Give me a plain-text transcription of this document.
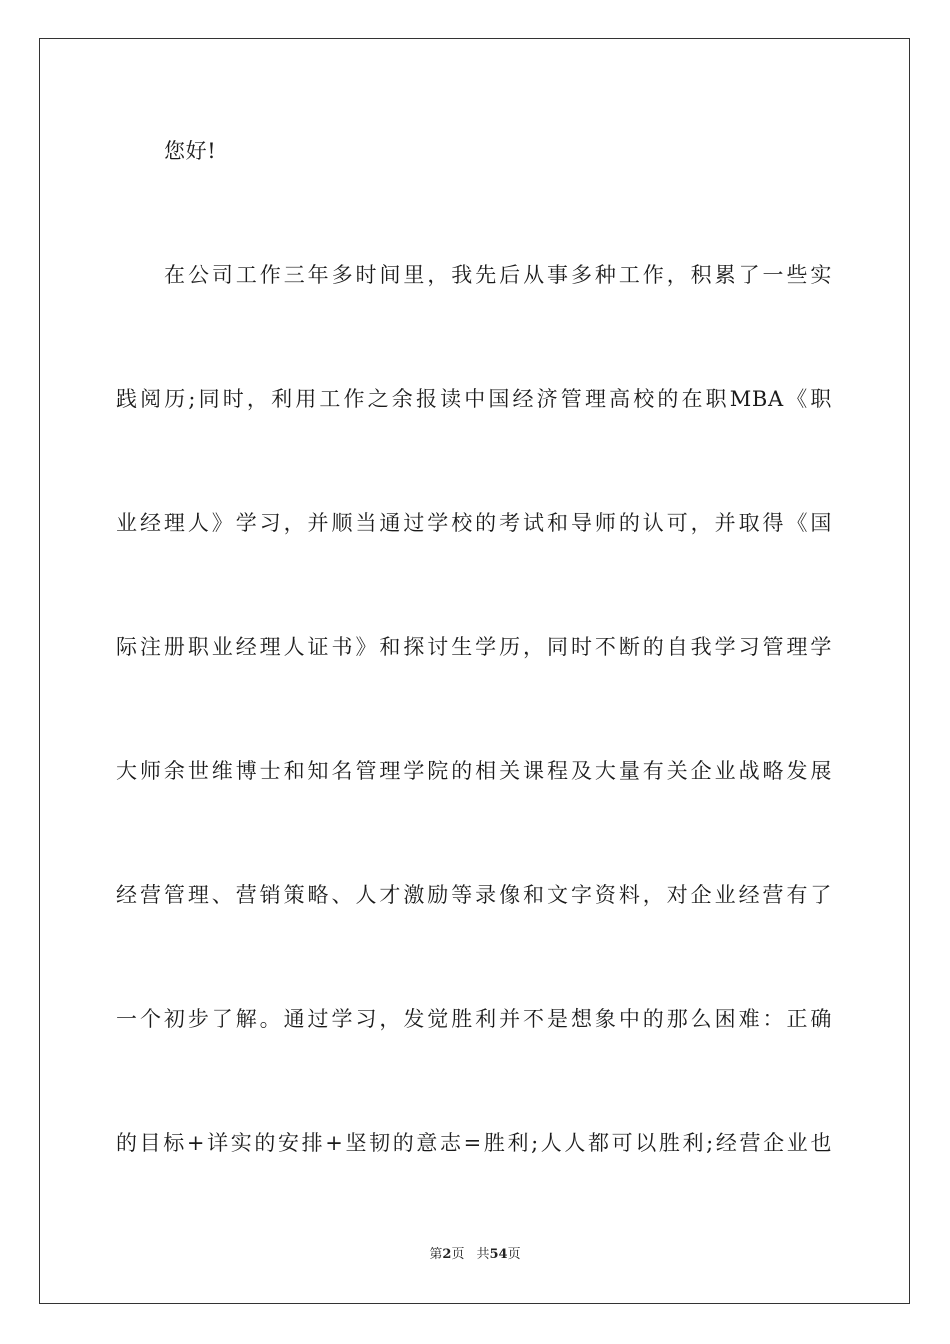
您好!
在公司工作三年多时间里，我先后从事多种工作，积累了一些实
践阅历;同时，利用工作之余报读中国经济管理高校的在职MBA《职
业经理人》学习，并顺当通过学校的考试和导师的认可，并取得《国
际注册职业经理人证书》和探讨生学历，同时不断的自我学习管理学
大师余世维博士和知名管理学院的相关课程及大量有关企业战略发展
经营管理、营销策略、人才激励等录像和文字资料，对企业经营有了
一个初步了解。通过学习，发觉胜利并不是想象中的那么困难：正确
的目标+详实的安排+坚韧的意志=胜利;人人都可以胜利;经营企业也
第2页 共54页
